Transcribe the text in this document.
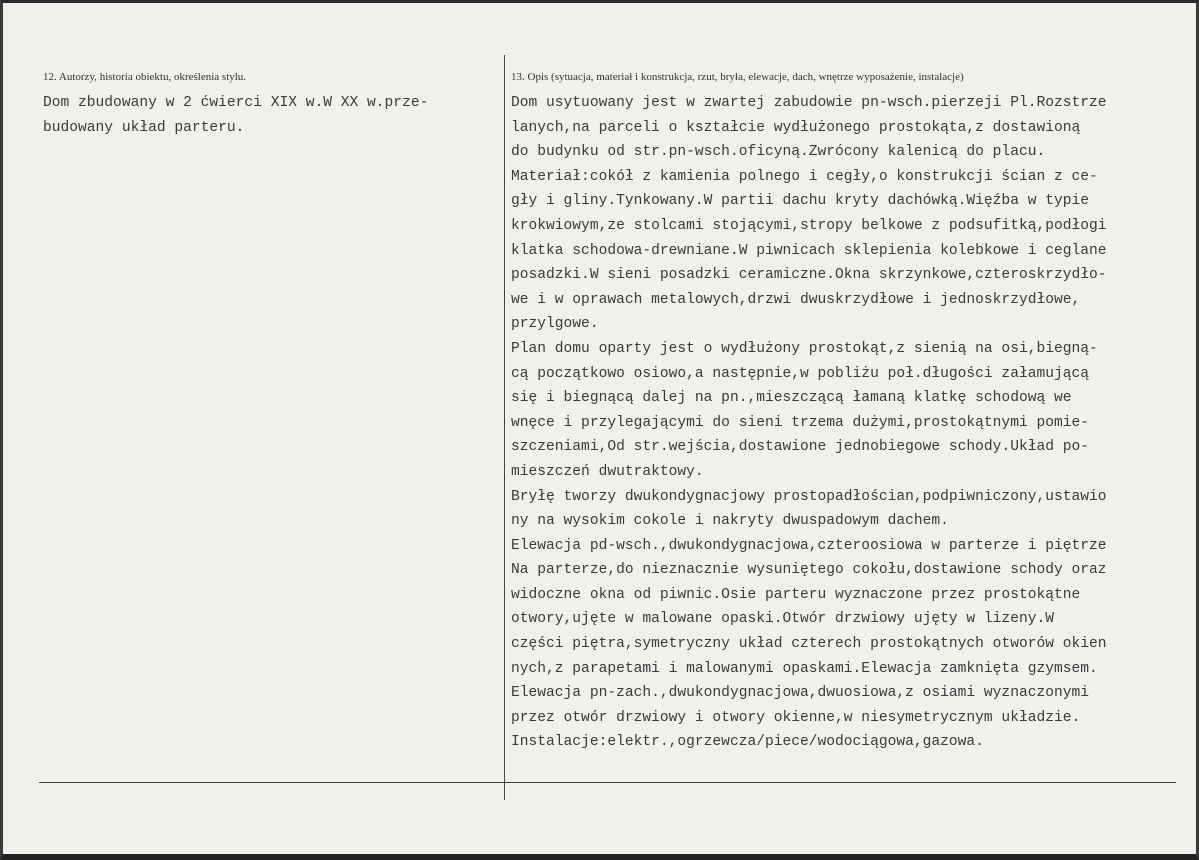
12. Autorzy, historia obiektu, określenia stylu.

Dom zbudowany w 2 ćwierci XIX w.W XX w.prze-

budowany układ parteru.

13. Opis (sytuacja, materiał i konstrukcja, rzut, bryła, elewacje, dach, wnętrze wyposażenie, instalacje)

Dom usytuowany jest w zwartej zabudowie pn-wsch.pierzeji Pl.Rozstrze

lanych,na parceli o kształcie wydłużonego prostokąta,z dostawioną

do budynku od str.pn-wsch.oficyną.Zwrócony kalenicą do placu.

Materiał:cokół z kamienia polnego i cegły,o konstrukcji ścian z ce-

gły i gliny.Tynkowany.W partii dachu kryty dachówką.Więźba w typie

krokwiowym,ze stolcami stojącymi,stropy belkowe z podsufitką,podłogi

klatka schodowa-drewniane.W piwnicach sklepienia kolebkowe i ceglane

posadzki.W sieni posadzki ceramiczne.Okna skrzynkowe,czteroskrzydło-

we i w oprawach metalowych,drzwi dwuskrzydłowe i jednoskrzydłowe,

przylgowe.

Plan domu oparty jest o wydłużony prostokąt,z sienią na osi,biegną-

cą początkowo osiowo,a następnie,w pobliżu poł.długości załamującą

się i biegnącą dalej na pn.,mieszczącą łamaną klatkę schodową we

wnęce i przylegającymi do sieni trzema dużymi,prostokątnymi pomie-

szczeniami,Od str.wejścia,dostawione jednobiegowe schody.Układ po-

mieszczeń dwutraktowy.

Bryłę tworzy dwukondygnacjowy prostopadłościan,podpiwniczony,ustawio

ny na wysokim cokole i nakryty dwuspadowym dachem.

Elewacja pd-wsch.,dwukondygnacjowa,czteroosiowa w parterze i piętrze

Na parterze,do nieznacznie wysuniętego cokołu,dostawione schody oraz

widoczne okna od piwnic.Osie parteru wyznaczone przez prostokątne

otwory,ujęte w malowane opaski.Otwór drzwiowy ujęty w lizeny.W

części piętra,symetryczny układ czterech prostokątnych otworów okien

nych,z parapetami i malowanymi opaskami.Elewacja zamknięta gzymsem.

Elewacja pn-zach.,dwukondygnacjowa,dwuosiowa,z osiami wyznaczonymi

przez otwór drzwiowy i otwory okienne,w niesymetrycznym układzie.

Instalacje:elektr.,ogrzewcza/piece/wodociągowa,gazowa.
